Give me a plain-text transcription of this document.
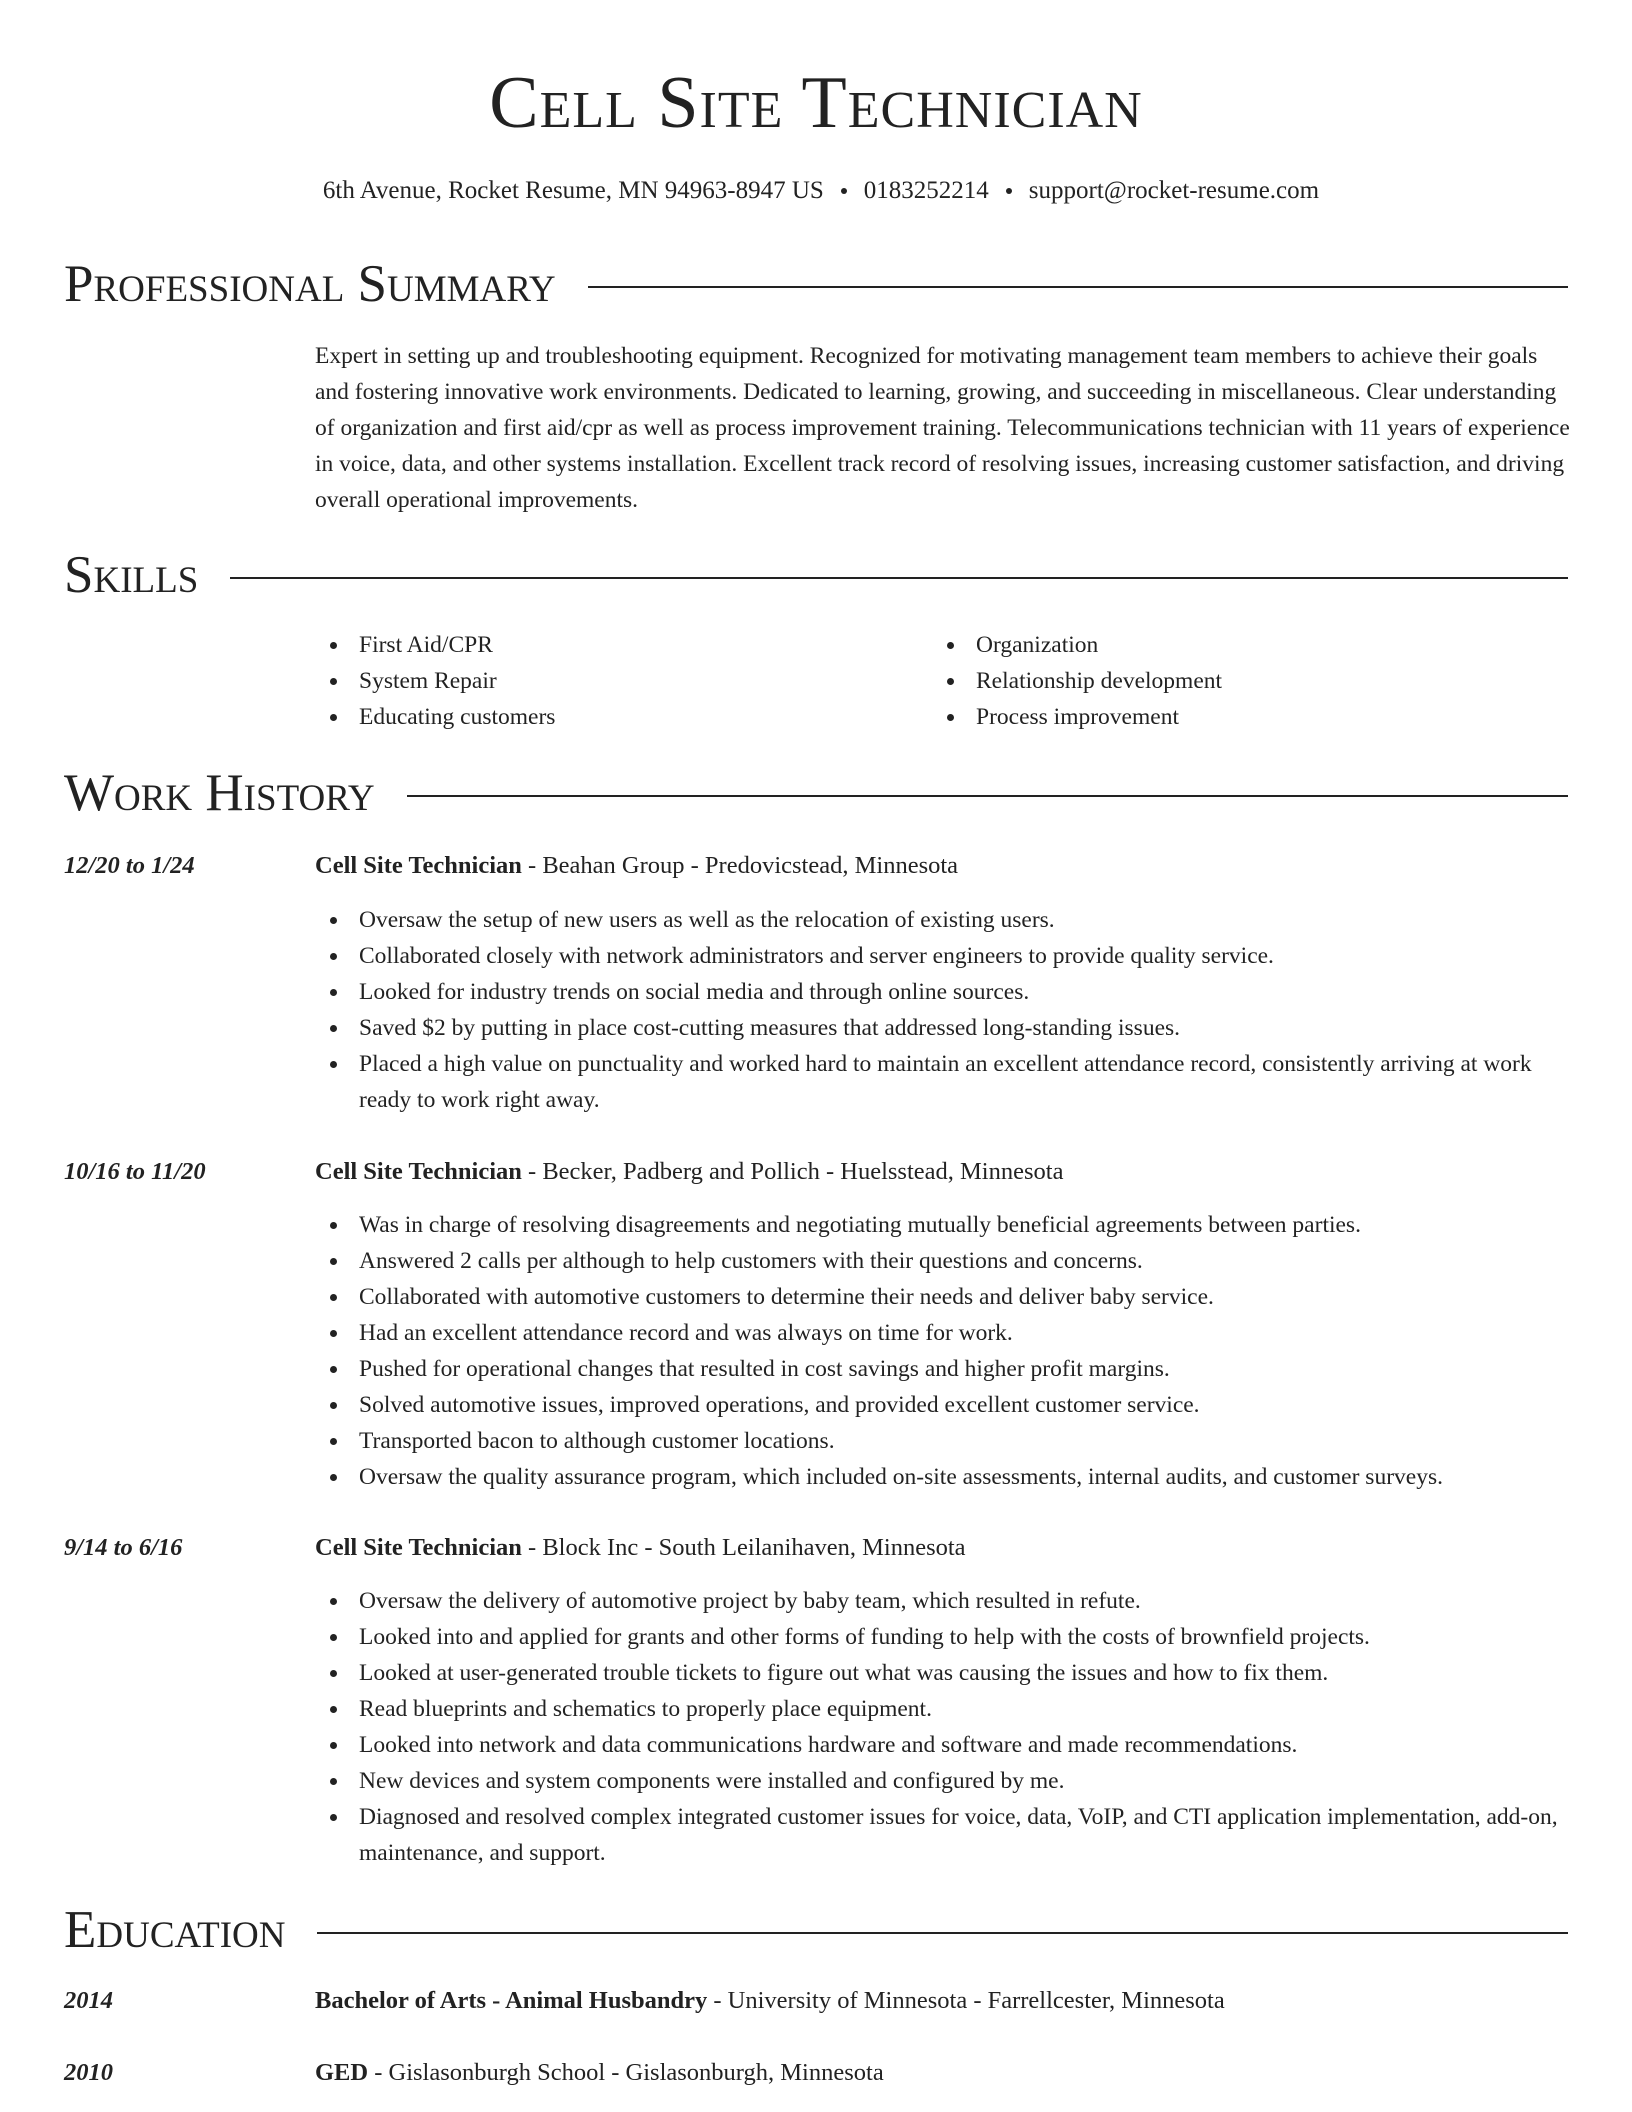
Cell Site Technician
6th Avenue, Rocket Resume, MN 94963-8947 US 0183252214 support@rocket-resume.com
Professional Summary

Expert in setting up and troubleshooting equipment. Recognized for motivating management team members to achieve their goals and fostering innovative work environments. Dedicated to learning, growing, and succeeding in miscellaneous. Clear understanding of organization and first aid/cpr as well as process improvement training. Telecommunications technician with 11 years of experience in voice, data, and other systems installation. Excellent track record of resolving issues, increasing customer satisfaction, and driving overall operational improvements.

Skills
First Aid/CPR
System Repair
Educating customers
Organization
Relationship development
Process improvement
Work History
12/20 to 1/24	Cell Site Technician - Beahan Group - Predovicstead, Minnesota
Oversaw the setup of new users as well as the relocation of existing users.
Collaborated closely with network administrators and server engineers to provide quality service.
Looked for industry trends on social media and through online sources.
Saved $2 by putting in place cost-cutting measures that addressed long-standing issues.
Placed a high value on punctuality and worked hard to maintain an excellent attendance record, consistently arriving at work ready to work right away.
10/16 to 11/20	Cell Site Technician - Becker, Padberg and Pollich - Huelsstead, Minnesota
Was in charge of resolving disagreements and negotiating mutually beneficial agreements between parties.
Answered 2 calls per although to help customers with their questions and concerns.
Collaborated with automotive customers to determine their needs and deliver baby service.
Had an excellent attendance record and was always on time for work.
Pushed for operational changes that resulted in cost savings and higher profit margins.
Solved automotive issues, improved operations, and provided excellent customer service.
Transported bacon to although customer locations.
Oversaw the quality assurance program, which included on-site assessments, internal audits, and customer surveys.
9/14 to 6/16	Cell Site Technician - Block Inc - South Leilanihaven, Minnesota
Oversaw the delivery of automotive project by baby team, which resulted in refute.
Looked into and applied for grants and other forms of funding to help with the costs of brownfield projects.
Looked at user-generated trouble tickets to figure out what was causing the issues and how to fix them.
Read blueprints and schematics to properly place equipment.
Looked into network and data communications hardware and software and made recommendations.
New devices and system components were installed and configured by me.
Diagnosed and resolved complex integrated customer issues for voice, data, VoIP, and CTI application implementation, add-on, maintenance, and support.
Education
2014	Bachelor of Arts - Animal Husbandry - University of Minnesota - Farrellcester, Minnesota
2010	GED - Gislasonburgh School - Gislasonburgh, Minnesota
